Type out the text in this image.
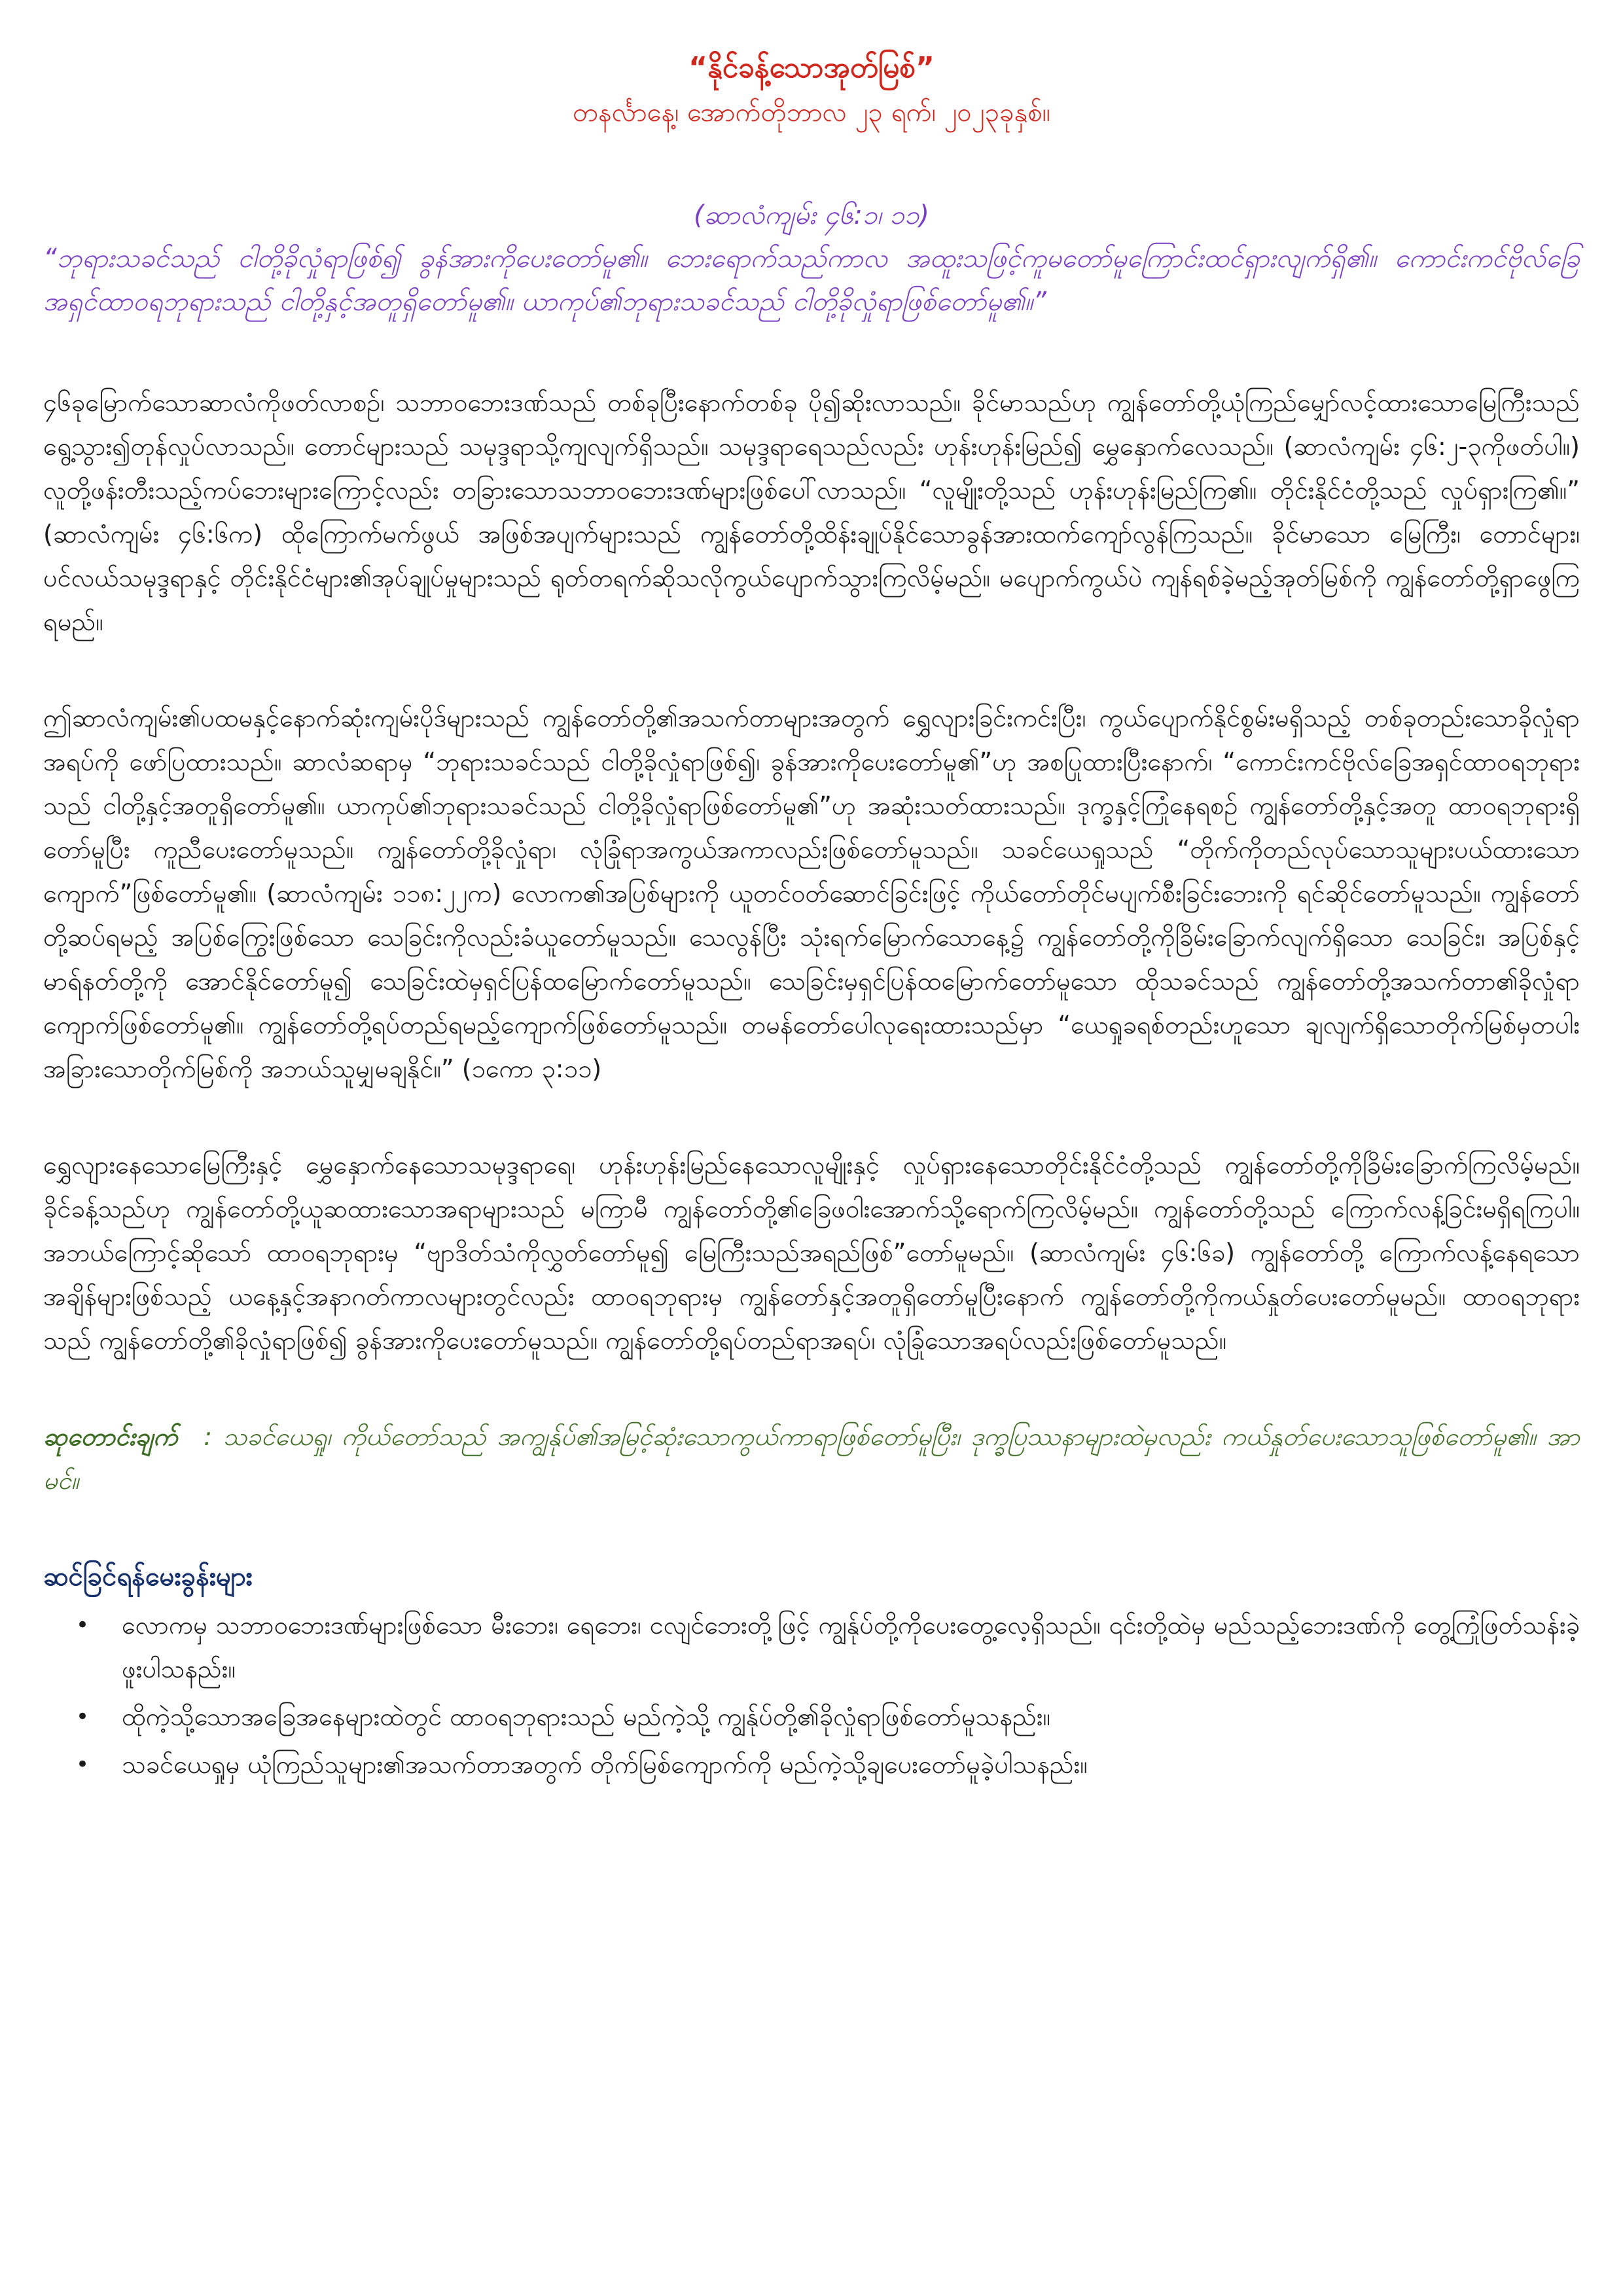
“နိုင်ခန့်သောအုတ်မြစ်”

တနင်္လာနေ့၊ အောက်တိုဘာလ ၂၃ ရက်၊ ၂၀၂၃ခုနှစ်။

(ဆာလံကျမ်း ၄၆:၁၊ ၁၁)

“ဘုရားသခင်သည် ငါတို့ခိုလှုံရာဖြစ်၍ ခွန်အားကိုပေးတော်မူ၏။ ဘေးရောက်သည်ကာလ အထူးသဖြင့်ကူမတော်မူကြောင်းထင်ရှားလျက်ရှိ၏။ ကောင်းကင်ဗိုလ်ခြေအရှင်ထာဝရဘုရားသည် ငါတို့နှင့်အတူရှိတော်မူ၏။ ယာကုပ်၏ဘုရားသခင်သည် ငါတို့ခိုလှုံရာဖြစ်တော်မူ၏။”

၄၆ခုမြောက်သောဆာလံကိုဖတ်လာစဉ်၊ သဘာဝဘေးဒဏ်သည် တစ်ခုပြီးနောက်တစ်ခု ပို၍ဆိုးလာသည်။ ခိုင်မာသည်ဟု ကျွန်တော်တို့ယုံကြည်မျှော်လင့်ထားသောမြေကြီးသည် ရွေ့သွား၍တုန်လှုပ်လာသည်။ တောင်များသည် သမုဒ္ဒရာသို့ကျလျက်ရှိသည်။ သမုဒ္ဒရာရေသည်လည်း ဟုန်းဟုန်းမြည်၍ မွှေနှောက်လေသည်။ (ဆာလံကျမ်း ၄၆:၂-၃ကိုဖတ်ပါ။) လူတို့ဖန်းတီးသည့်ကပ်ဘေးများကြောင့်လည်း တခြားသောသဘာဝဘေးဒဏ်များဖြစ်ပေါ်လာသည်။ “လူမျိုးတို့သည် ဟုန်းဟုန်းမြည်ကြ၏။ တိုင်းနိုင်ငံတို့သည် လှုပ်ရှားကြ၏။” (ဆာလံကျမ်း ၄၆:၆က) ထိုကြောက်မက်ဖွယ် အဖြစ်အပျက်များသည် ကျွန်တော်တို့ထိန်းချုပ်နိုင်သောခွန်အားထက်ကျော်လွန်ကြသည်။ ခိုင်မာသော မြေကြီး၊ တောင်များ၊ ပင်လယ်သမုဒ္ဒရာနှင့် တိုင်းနိုင်ငံများ၏အုပ်ချုပ်မှုများသည် ရုတ်တရက်ဆိုသလိုကွယ်ပျောက်သွားကြလိမ့်မည်။ မပျောက်ကွယ်ပဲ ကျန်ရစ်ခဲ့မည့်အုတ်မြစ်ကို ကျွန်တော်တို့ရှာဖွေကြရမည်။

ဤဆာလံကျမ်း၏ပထမနှင့်နောက်ဆုံးကျမ်းပိုဒ်များသည် ကျွန်တော်တို့၏အသက်တာများအတွက် ရွှေလျားခြင်းကင်းပြီး၊ ကွယ်ပျောက်နိုင်စွမ်းမရှိသည့် တစ်ခုတည်းသောခိုလှုံရာအရပ်ကို ဖော်ပြထားသည်။ ဆာလံဆရာမှ “ဘုရားသခင်သည် ငါတို့ခိုလှုံရာဖြစ်၍၊ ခွန်အားကိုပေးတော်မူ၏”ဟု အစပြုထားပြီးနောက်၊ “ကောင်းကင်ဗိုလ်ခြေအရှင်ထာဝရဘုရားသည် ငါတို့နှင့်အတူရှိတော်မူ၏။ ယာကုပ်၏ဘုရားသခင်သည် ငါတို့ခိုလှုံရာဖြစ်တော်မူ၏”ဟု အဆုံးသတ်ထားသည်။ ဒုက္ခနှင့်ကြုံနေရစဉ် ကျွန်တော်တို့နှင့်အတူ ထာဝရဘုရားရှိတော်မူပြီး ကူညီပေးတော်မူသည်။ ကျွန်တော်တို့ခိုလှုံရာ၊ လုံခြုံရာအကွယ်အကာလည်းဖြစ်တော်မူသည်။ သခင်ယေရှုသည် “တိုက်ကိုတည်လုပ်သောသူများပယ်ထားသော ကျောက်”ဖြစ်တော်မူ၏။ (ဆာလံကျမ်း ၁၁၈:၂၂က) လောက၏အပြစ်များကို ယူတင်ဝတ်ဆောင်ခြင်းဖြင့် ကိုယ်တော်တိုင်မပျက်စီးခြင်းဘေးကို ရင်ဆိုင်တော်မူသည်။ ကျွန်တော်တို့ဆပ်ရမည့် အပြစ်ကြွေးဖြစ်သော သေခြင်းကိုလည်းခံယူတော်မူသည်။ သေလွန်ပြီး သုံးရက်မြောက်သောနေ့၌ ကျွန်တော်တို့ကိုခြိမ်းခြောက်လျက်ရှိသော သေခြင်း၊ အပြစ်နှင့် မာရ်နတ်တို့ကို အောင်နိုင်တော်မူ၍ သေခြင်းထဲမှရှင်ပြန်ထမြောက်တော်မူသည်။ သေခြင်းမှရှင်ပြန်ထမြောက်တော်မူသော ထိုသခင်သည် ကျွန်တော်တို့အသက်တာ၏ခိုလှုံရာကျောက်ဖြစ်တော်မူ၏။ ကျွန်တော်တို့ရပ်တည်ရမည့်ကျောက်ဖြစ်တော်မူသည်။ တမန်တော်ပေါလုရေးထားသည်မှာ “ယေရှုခရစ်တည်းဟူသော ချလျက်ရှိသောတိုက်မြစ်မှတပါး အခြားသောတိုက်မြစ်ကို အဘယ်သူမျှမချနိုင်။” (၁ကော ၃:၁၁)

ရွှေလျားနေသောမြေကြီးနှင့် မွှေနှောက်နေသောသမုဒ္ဒရာရေ၊ ဟုန်းဟုန်းမြည်နေသောလူမျိုးနှင့် လှုပ်ရှားနေသောတိုင်းနိုင်ငံတို့သည် ကျွန်တော်တို့ကိုခြိမ်းခြောက်ကြလိမ့်မည်။ ခိုင်ခန့်သည်ဟု ကျွန်တော်တို့ယူဆထားသောအရာများသည် မကြာမီ ကျွန်တော်တို့၏ခြေဖဝါးအောက်သို့ရောက်ကြလိမ့်မည်။ ကျွန်တော်တို့သည် ကြောက်လန့်ခြင်းမရှိရကြပါ။ အဘယ်ကြောင့်ဆိုသော် ထာဝရဘုရားမှ “ဗျာဒိတ်သံကိုလွှတ်တော်မူ၍ မြေကြီးသည်အရည်ဖြစ်”တော်မူမည်။ (ဆာလံကျမ်း ၄၆:၆ခ) ကျွန်တော်တို့ ကြောက်လန့်နေရသောအချိန်များဖြစ်သည့် ယနေ့နှင့်အနာဂတ်ကာလများတွင်လည်း ထာဝရဘုရားမှ ကျွန်တော်နှင့်အတူရှိတော်မူပြီးနောက် ကျွန်တော်တို့ကိုကယ်နှုတ်ပေးတော်မူမည်။ ထာဝရဘုရားသည် ကျွန်တော်တို့၏ခိုလှုံရာဖြစ်၍ ခွန်အားကိုပေးတော်မူသည်။ ကျွန်တော်တို့ရပ်တည်ရာအရပ်၊ လုံခြုံသောအရပ်လည်းဖြစ်တော်မူသည်။

ဆုတောင်းချက် : သခင်ယေရှု၊ ကိုယ်တော်သည် အကျွန်ုပ်၏အမြင့်ဆုံးသောကွယ်ကာရာဖြစ်တော်မူပြီး၊ ဒုက္ခပြဿနာများထဲမှလည်း ကယ်နှုတ်ပေးသောသူဖြစ်တော်မူ၏။ အာမင်။

ဆင်ခြင်ရန်မေးခွန်းများ

• လောကမှ သဘာဝဘေးဒဏ်များဖြစ်သော မီးဘေး၊ ရေဘေး၊ ငလျင်ဘေးတို့ဖြင့် ကျွန်ုပ်တို့ကိုပေးတွေ့လေ့ရှိသည်။ ၎င်းတို့ထဲမှ မည်သည့်ဘေးဒဏ်ကို တွေ့ကြုံဖြတ်သန်းခဲ့ဖူးပါသနည်း။
• ထိုကဲ့သို့သောအခြေအနေများထဲတွင် ထာဝရဘုရားသည် မည်ကဲ့သို့ ကျွန်ုပ်တို့၏ခိုလှုံရာဖြစ်တော်မူသနည်း။
• သခင်ယေရှုမှ ယုံကြည်သူများ၏အသက်တာအတွက် တိုက်မြစ်ကျောက်ကို မည်ကဲ့သို့ချပေးတော်မူခဲ့ပါသနည်း။
